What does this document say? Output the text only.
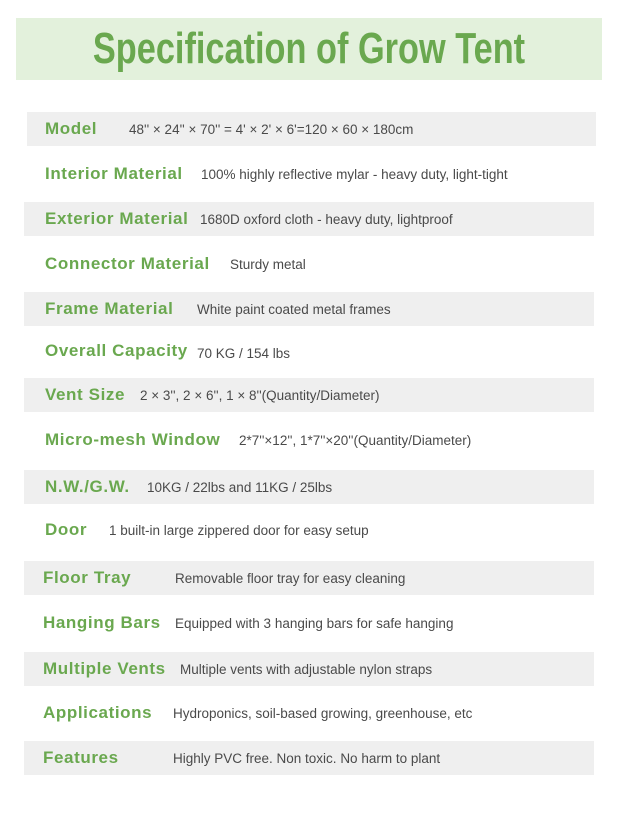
Specification of Grow Tent
Model 48'' × 24'' × 70'' = 4' × 2' × 6'=120 × 60 × 180cm
Interior Material 100% highly reflective mylar - heavy duty, light-tight
Exterior Material 1680D oxford cloth - heavy duty, lightproof
Connector Material Sturdy metal
Frame Material White paint coated metal frames
Overall Capacity 70 KG / 154 lbs
Vent Size 2 × 3'', 2 × 6'', 1 × 8''(Quantity/Diameter)
Micro-mesh Window 2*7''×12'', 1*7''×20''(Quantity/Diameter)
N.W./G.W. 10KG / 22lbs and 11KG / 25lbs
Door 1 built-in large zippered door for easy setup
Floor Tray	Removable floor tray for easy cleaning
Hanging Bars Equipped with 3 hanging bars for safe hanging
Multiple Vents Multiple vents with adjustable nylon straps
Applications Hydroponics, soil-based growing, greenhouse, etc
Features	Highly PVC free. Non toxic. No harm to plant
